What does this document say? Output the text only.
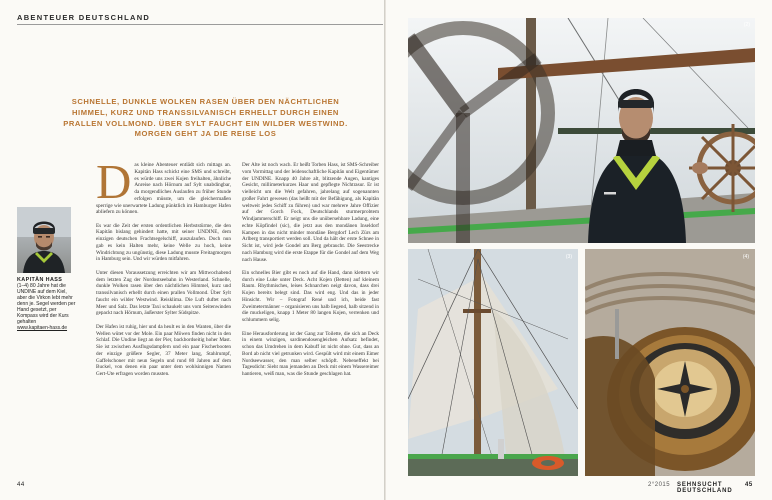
ABENTEUER DEUTSCHLAND

SCHNELLE, DUNKLE WOLKEN RASEN ÜBER DEN NÄCHTLICHEN HIMMEL, KURZ UND TRANSSILVANISCH ERHELLT DURCH EINEN PRALLEN VOLLMOND. ÜBER SYLT FAUCHT EIN WILDER WESTWIND. MORGEN GEHT JA DIE REISE LOS

KAPITÄN HASS
(1–4) 80 Jahre hat die UNDINE auf dem Kiel, aber die Virkon lebt mehr denn je. Segel werden per Hand gesetzt, per Kompass wird der Kurs gehalten
www.kapitaen-hass.de

Das kleine Abenteuer entlädt sich mittags an. Kapitän Hass schickt eine SMS und schreibt, es würde uns zwei Kojen freihalten, ähnliche Anreise nach Hörnum auf Sylt unabdingbar, da morgendliches Auslaufen zu früher Stunde erfolgen müsste, um die gleichermaßen sperrige wie unerwartete Ladung pünktlich im Hamburger Hafen abliefern zu können.

Es war die Zeit der ersten ordentlichen Herbststürme, die den Kapitän bislang gehindert hatte, mit seiner UNDINE, dem einzigen deutschen Frachtsegelschiff, auszulaufen. Doch nun gab es kein Halten mehr, keine Welle zu hoch, keine Windrichtung zu ungünstig, diese Ladung musste Freitagmorgen in Hamburg sein. Und wir würden mitfahren.

Unter diesen Voraussetzung erreichten wir am Mittwochabend dem letzten Zug der Nordostseebahn in Westerland. Schnelle, dunkle Wolken rasen über den nächtlichen Himmel, kurz und transsilvanisch erhellt durch einen prallen Vollmond. Über Sylt faucht ein wilder Westwind. Reisklima. Die Luft duftet nach Meer und Salz. Das letzte Taxi schaukelt uns vom Seitenwinden gepackt nach Hörnum, äußerster Sylter Südspitze.

Der Hafen ist ruhig, hier und da heult es in den Wanten, über die Wellen wütet vor der Mole. Ein paar Möwen finden nicht in den Schlaf. Die Undine liegt an der Pier, backbordseitig hoher Mast. Sie ist zwischen Ausflugsdampfern und ein paar Fischerbooten der einzige größere Segler, 37 Meter lang, Stahlrumpf, Gaffelschoner mit neun Segeln und rund 80 Jahren auf dem Buckel, von denen ein paar unter dem wohlsinnigen Namen Gert-Ute erfragen worden mussten.

Der Alte ist noch wach. Er heißt Torben Hass, ist SMS-Schreiber vom Vormittag und der leidenschaftliche Kapitän und Eigentümer der UNDINE. Knapp 40 Jahre alt, blitzende Augen, kantiges Gesicht, millimeterkurzes Haar und gepflegte Nichtrasur. Er ist vielleicht um die Welt gefahren, jahrelang auf sogenannten großer Fahrt gewesen (das heißt mit der Befähigung, als Kapitän weltweit jedes Schiff zu führen) und war mehrere Jahre Offizier auf der Gorch Fock, Deutschlands sturmerprobtem Windjammerschiff. Er neigt uns die unübersehbare Ladung, eine echte Köpfindel (sic), die jetzt aus den mondänen Inseldorf Kampen in das nicht minder mondäne Bergdorf Lech Zürs am Arlberg transportiert werden soll. Und da hält der erste Schnee in Sicht ist, wird jede Gondel am Berg gebraucht. Die Seestrecke nach Hamburg wird die erste Etappe für die Gondel auf dem Weg nach Hause.

Ein schnelles Bier gibt es noch auf die Hand, dann klettern wir durch eine Luke unter Deck. Acht Kojen (Betten) auf kleinem Raum. Rhythmisches, leises Schnarchen neigt davon, dass drei Kojen bereits belegt sind. Das wird eng. Und das in jeder Hinsicht. Wir – Fotograf René und ich, beide fast Zweimetermänner – organisieren uns halb liegend, halb sitzend in die muckeligen, knapp 1 Meter 80 langen Kojen, verrenken und schlummern selig.

Eine Herausforderung ist der Gang zur Toilette, die sich an Deck in einem winzigen, sardinendosengleichen Aufsatz befindet, schon das Umdrehen in dem Kabuff ist nicht ohne. Gut, dass an Bord ab nicht viel getrunken wird. Gespült wird mit einem Eimer Nordseewasser, den man selber schöpft. Nebeneffekt bei Tagesdicht: Sieht man jemanden an Deck mit einem Wassereimer hantieren, weiß man, was die Stunde geschlagen hat.

44

(2)

(3)	(4)

2°2015 SEHNSUCHT DEUTSCHLAND

45
